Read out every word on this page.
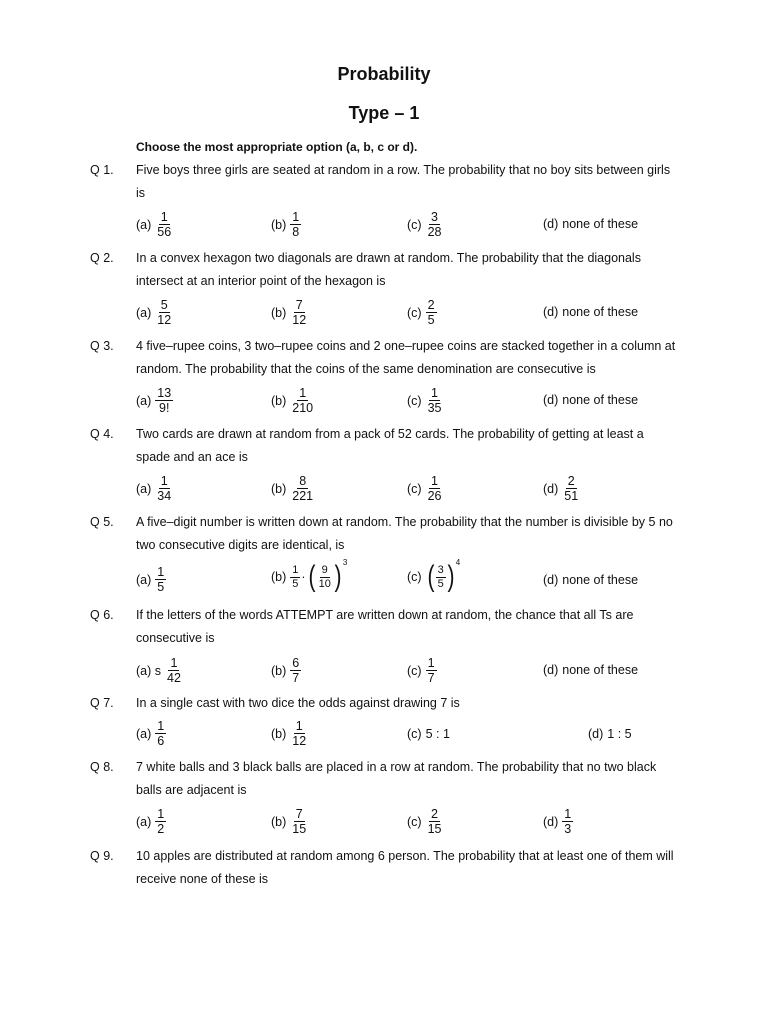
Probability
Type – 1
Choose the most appropriate option (a, b, c or d).
Q 1. Five boys three girls are seated at random in a row. The probability that no boy sits between girls
is
$(a) \frac{1}{56}$	$(b) \frac{1}{8}$	$(c) \frac{3}{28}$	(d) none of these
Q 2. In a convex hexagon two diagonals are drawn at random. The probability that the diagonals
intersect at an interior point of the hexagon is
$(a) \frac{5}{12}$	$(b) \frac{7}{12}$	$(c) \frac{2}{5}$	(d) none of these
Q 3. 4 five–rupee coins, 3 two–rupee coins and 2 one–rupee coins are stacked together in a column at
random. The probability that the coins of the same denomination are consecutive is
$(a) \frac{13}{9!}$	$(b) \frac{1}{210}$	$(c) \frac{1}{35}$	(d) none of these
Q 4. Two cards are drawn at random from a pack of 52 cards. The probability of getting at least a
spade and an ace is
$(a) \frac{1}{34}$	$(b) \frac{8}{221}$	$(c) \frac{1}{26}$	$(d) \frac{2}{51}$
Q 5. A five–digit number is written down at random. The probability that the number is divisible by 5 no
two consecutive digits are identical, is
$(a) \frac{1}{5}$	$(b) \frac{1}{5}$ · ( $\frac{9}{10}$ ) 3
(c) ( $\frac{3}{5}$ ) 4
(d) none of these
Q 6. If the letters of the words ATTEMPT are written down at random, the chance that all Ts are
consecutive is
(a) s $\frac{1}{42}$	$(b) \frac{6}{7}$	$(c) \frac{1}{7}$	(d) none of these
Q 7. In a single cast with two dice the odds against drawing 7 is
$(a) \frac{1}{6}$	$(b) \frac{1}{12}$	(c) 5 : 1	(d) 1 : 5
Q 8. 7 white balls and 3 black balls are placed in a row at random. The probability that no two black
balls are adjacent is
$(a) \frac{1}{2}$	$(b) \frac{7}{15}$	$(c) \frac{2}{15}$	$(d) \frac{1}{3}$
Q 9. 10 apples are distributed at random among 6 person. The probability that at least one of them will
receive none of these is
